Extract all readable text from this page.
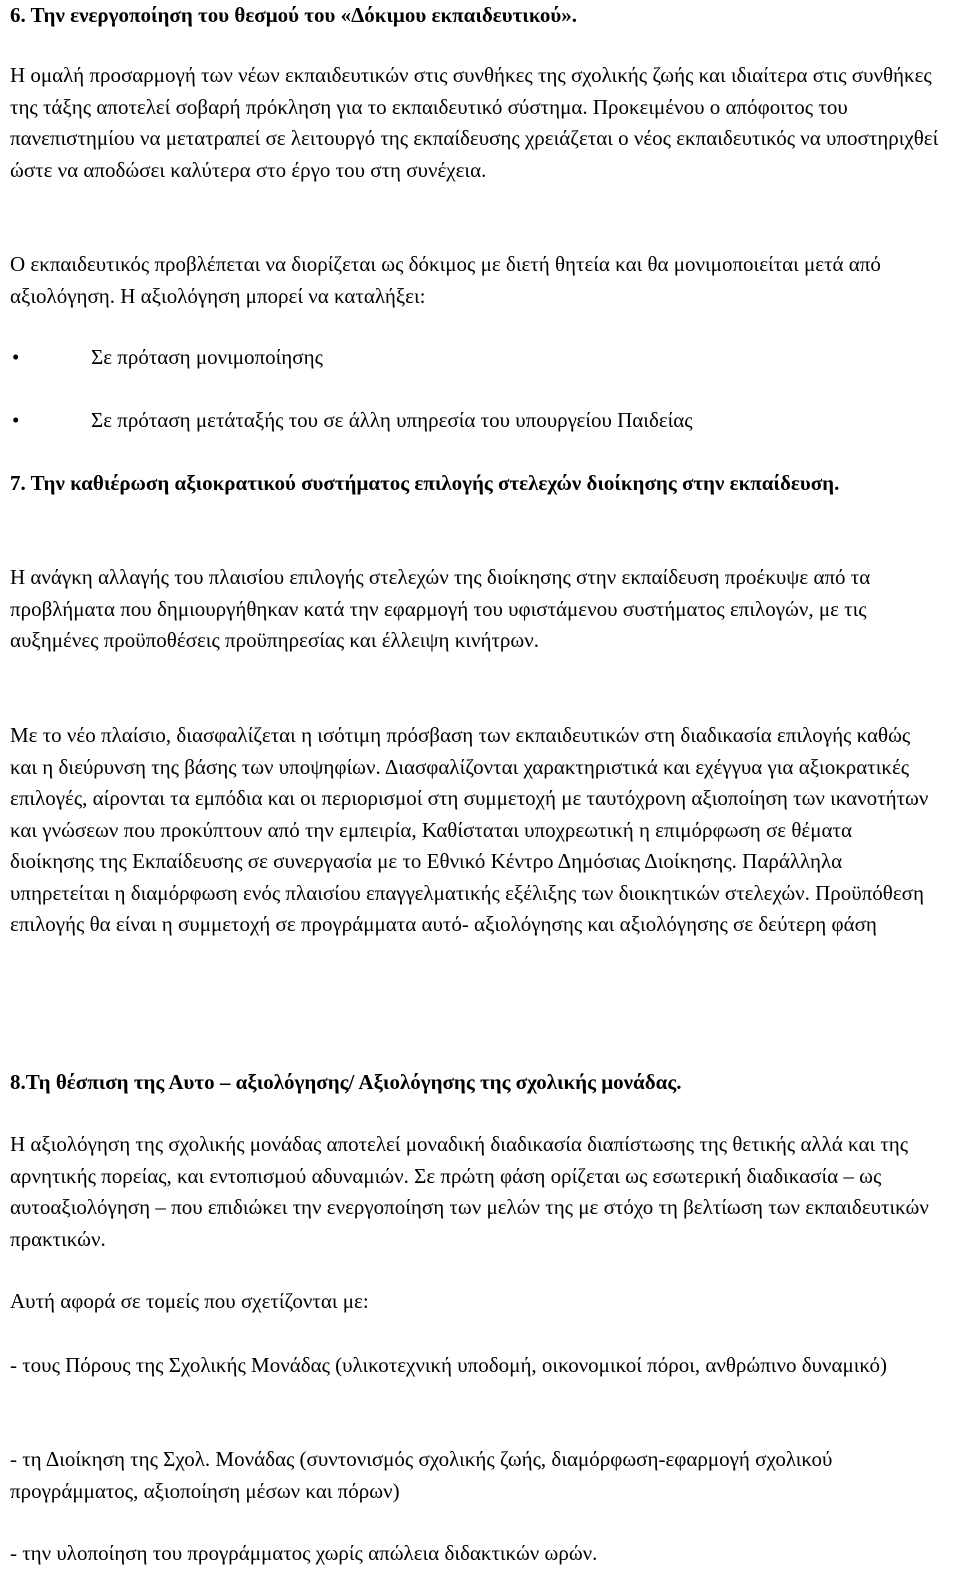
6. Την ενεργοποίηση του θεσμού του «Δόκιμου εκπαιδευτικού».

Η ομαλή προσαρμογή των νέων εκπαιδευτικών στις συνθήκες της σχολικής ζωής και ιδιαίτερα στις συνθήκες της τάξης αποτελεί σοβαρή πρόκληση για το εκπαιδευτικό σύστημα. Προκειμένου ο απόφοιτος του πανεπιστημίου να μετατραπεί σε λειτουργό της εκπαίδευσης χρειάζεται ο νέος εκπαιδευτικός να υποστηριχθεί ώστε να αποδώσει καλύτερα στο έργο του στη συνέχεια.

Ο εκπαιδευτικός προβλέπεται να διορίζεται ως δόκιμος με διετή θητεία και θα μονιμοποιείται μετά από αξιολόγηση. Η αξιολόγηση μπορεί να καταλήξει:

•	Σε πρόταση μονιμοποίησης
•	Σε πρόταση μετάταξής του σε άλλη υπηρεσία του υπουργείου Παιδείας

7. Την καθιέρωση αξιοκρατικού συστήματος επιλογής στελεχών διοίκησης στην εκπαίδευση.

Η ανάγκη αλλαγής του πλαισίου επιλογής στελεχών της διοίκησης στην εκπαίδευση προέκυψε από τα προβλήματα που δημιουργήθηκαν κατά την εφαρμογή του υφιστάμενου συστήματος επιλογών, με τις αυξημένες προϋποθέσεις προϋπηρεσίας και έλλειψη κινήτρων.

Με το νέο πλαίσιο, διασφαλίζεται η ισότιμη πρόσβαση των εκπαιδευτικών στη διαδικασία επιλογής καθώς και η διεύρυνση της βάσης των υποψηφίων. Διασφαλίζονται χαρακτηριστικά και εχέγγυα για αξιοκρατικές επιλογές, αίρονται τα εμπόδια και οι περιορισμοί στη συμμετοχή με ταυτόχρονη αξιοποίηση των ικανοτήτων και γνώσεων που προκύπτουν από την εμπειρία, Καθίσταται υποχρεωτική η επιμόρφωση σε θέματα διοίκησης της Εκπαίδευσης σε συνεργασία με το Εθνικό Κέντρο Δημόσιας Διοίκησης. Παράλληλα υπηρετείται η διαμόρφωση ενός πλαισίου επαγγελματικής εξέλιξης των διοικητικών στελεχών. Προϋπόθεση επιλογής θα είναι η συμμετοχή σε προγράμματα αυτό- αξιολόγησης και αξιολόγησης σε δεύτερη φάση

8.Τη θέσπιση της Αυτο – αξιολόγησης/ Αξιολόγησης της σχολικής μονάδας.

Η αξιολόγηση της σχολικής μονάδας αποτελεί μοναδική διαδικασία διαπίστωσης της θετικής αλλά και της αρνητικής πορείας, και εντοπισμού αδυναμιών. Σε πρώτη φάση ορίζεται ως εσωτερική διαδικασία – ως αυτοαξιολόγηση – που επιδιώκει την ενεργοποίηση των μελών της με στόχο τη βελτίωση των εκπαιδευτικών πρακτικών.

Αυτή αφορά σε τομείς που σχετίζονται με:

- τους Πόρους της Σχολικής Μονάδας (υλικοτεχνική υποδομή, οικονομικοί πόροι, ανθρώπινο δυναμικό)

- τη Διοίκηση της Σχολ. Μονάδας (συντονισμός σχολικής ζωής, διαμόρφωση-εφαρμογή σχολικού προγράμματος, αξιοποίηση μέσων και πόρων)

- την υλοποίηση του προγράμματος χωρίς απώλεια διδακτικών ωρών.
